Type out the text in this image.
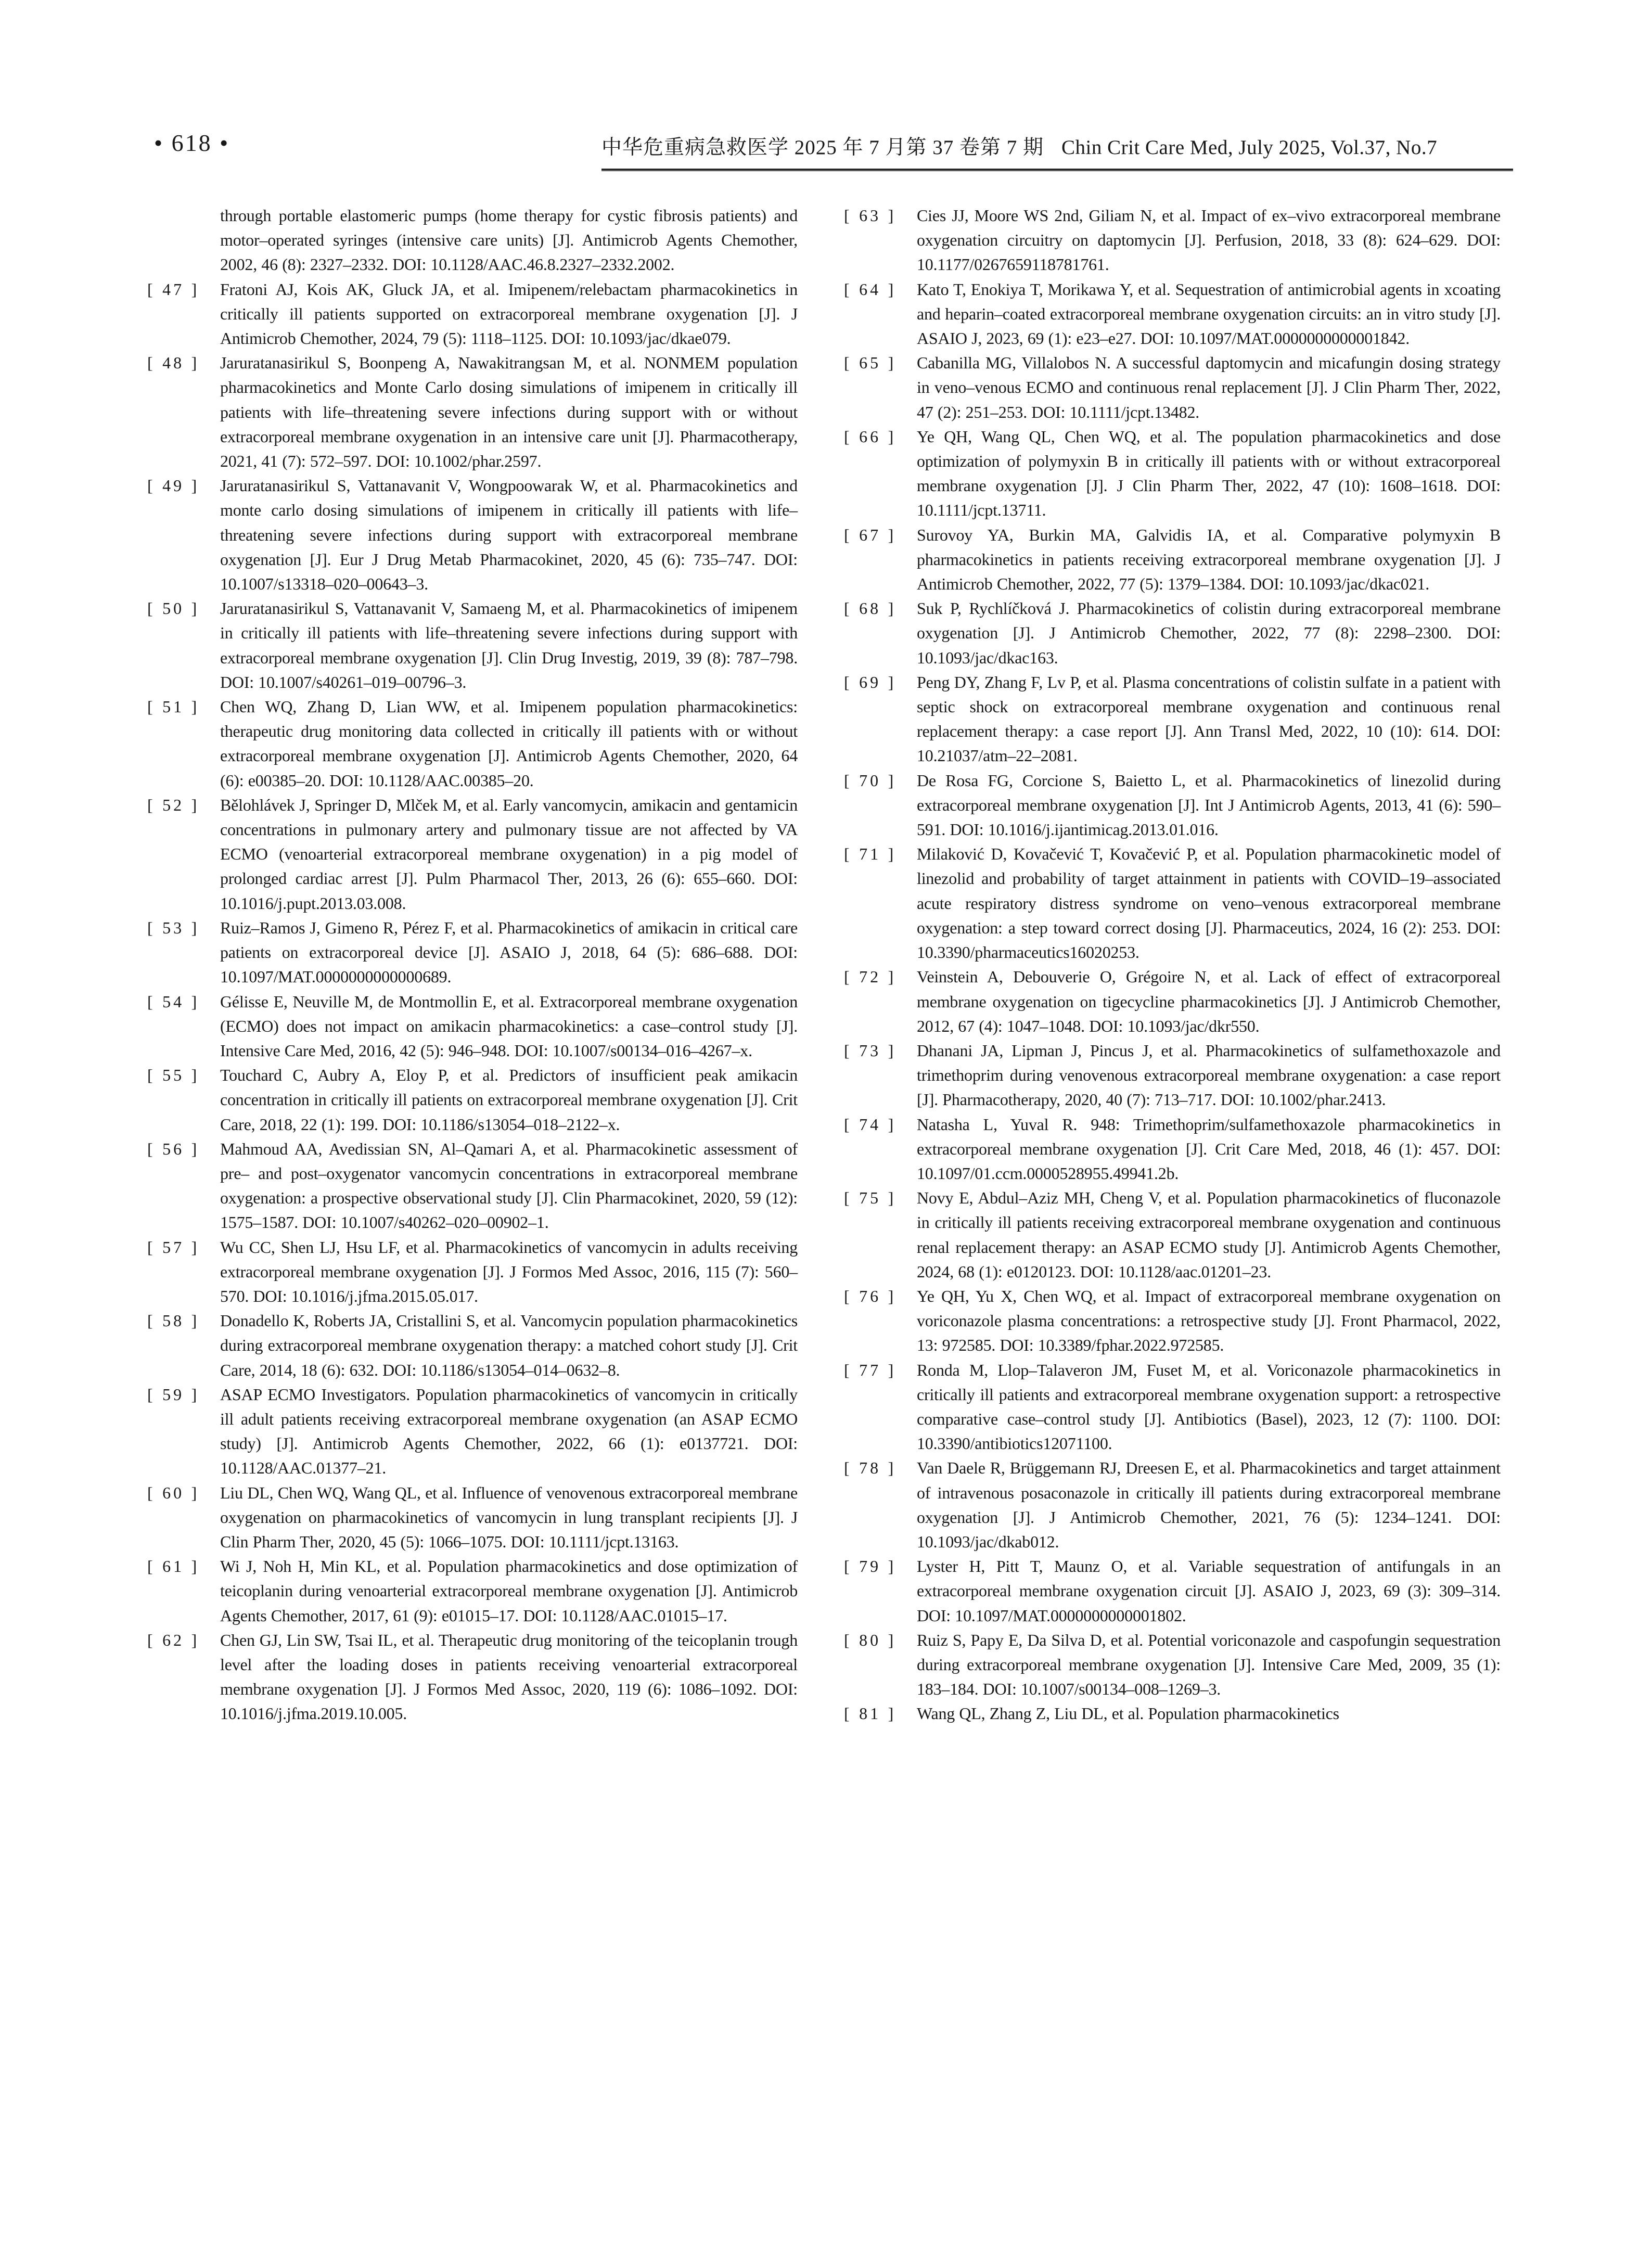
• 618 •	中华危重病急救医学 2025 年 7 月第 37 卷第 7 期 Chin Crit Care Med, July 2025, Vol.37, No.7
through portable elastomeric pumps (home therapy for cystic fibrosis patients) and motor–operated syringes (intensive care units) [J]. Antimicrob Agents Chemother, 2002, 46 (8): 2327–2332. DOI: 10.1128/AAC.46.8.2327–2332.2002.
[ 47 ]	Fratoni AJ, Kois AK, Gluck JA, et al. Imipenem/relebactam pharmacokinetics in critically ill patients supported on extracorporeal membrane oxygenation [J]. J Antimicrob Chemother, 2024, 79 (5): 1118–1125. DOI: 10.1093/jac/dkae079.
[ 48 ]	Jaruratanasirikul S, Boonpeng A, Nawakitrangsan M, et al. NONMEM population pharmacokinetics and Monte Carlo dosing simulations of imipenem in critically ill patients with life–threatening severe infections during support with or without extracorporeal membrane oxygenation in an intensive care unit [J]. Pharmacotherapy, 2021, 41 (7): 572–597. DOI: 10.1002/phar.2597.
[ 49 ]	Jaruratanasirikul S, Vattanavanit V, Wongpoowarak W, et al. Pharmacokinetics and monte carlo dosing simulations of imipenem in critically ill patients with life–threatening severe infections during support with extracorporeal membrane oxygenation [J]. Eur J Drug Metab Pharmacokinet, 2020, 45 (6): 735–747. DOI: 10.1007/s13318–020–00643–3.
[ 50 ]	Jaruratanasirikul S, Vattanavanit V, Samaeng M, et al. Pharmacokinetics of imipenem in critically ill patients with life–threatening severe infections during support with extracorporeal membrane oxygenation [J]. Clin Drug Investig, 2019, 39 (8): 787–798. DOI: 10.1007/s40261–019–00796–3.
[ 51 ]	Chen WQ, Zhang D, Lian WW, et al. Imipenem population pharmacokinetics: therapeutic drug monitoring data collected in critically ill patients with or without extracorporeal membrane oxygenation [J]. Antimicrob Agents Chemother, 2020, 64 (6): e00385–20. DOI: 10.1128/AAC.00385–20.
[ 52 ]	Bělohlávek J, Springer D, Mlček M, et al. Early vancomycin, amikacin and gentamicin concentrations in pulmonary artery and pulmonary tissue are not affected by VA ECMO (venoarterial extracorporeal membrane oxygenation) in a pig model of prolonged cardiac arrest [J]. Pulm Pharmacol Ther, 2013, 26 (6): 655–660. DOI: 10.1016/j.pupt.2013.03.008.
[ 53 ]	Ruiz–Ramos J, Gimeno R, Pérez F, et al. Pharmacokinetics of amikacin in critical care patients on extracorporeal device [J]. ASAIO J, 2018, 64 (5): 686–688. DOI: 10.1097/MAT.0000000000000689.
[ 54 ]	Gélisse E, Neuville M, de Montmollin E, et al. Extracorporeal membrane oxygenation (ECMO) does not impact on amikacin pharmacokinetics: a case–control study [J]. Intensive Care Med, 2016, 42 (5): 946–948. DOI: 10.1007/s00134–016–4267–x.
[ 55 ]	Touchard C, Aubry A, Eloy P, et al. Predictors of insufficient peak amikacin concentration in critically ill patients on extracorporeal membrane oxygenation [J]. Crit Care, 2018, 22 (1): 199. DOI: 10.1186/s13054–018–2122–x.
[ 56 ]	Mahmoud AA, Avedissian SN, Al–Qamari A, et al. Pharmacokinetic assessment of pre– and post–oxygenator vancomycin concentrations in extracorporeal membrane oxygenation: a prospective observational study [J]. Clin Pharmacokinet, 2020, 59 (12): 1575–1587. DOI: 10.1007/s40262–020–00902–1.
[ 57 ]	Wu CC, Shen LJ, Hsu LF, et al. Pharmacokinetics of vancomycin in adults receiving extracorporeal membrane oxygenation [J]. J Formos Med Assoc, 2016, 115 (7): 560–570. DOI: 10.1016/j.jfma.2015.05.017.
[ 58 ]	Donadello K, Roberts JA, Cristallini S, et al. Vancomycin population pharmacokinetics during extracorporeal membrane oxygenation therapy: a matched cohort study [J]. Crit Care, 2014, 18 (6): 632. DOI: 10.1186/s13054–014–0632–8.
[ 59 ]	ASAP ECMO Investigators. Population pharmacokinetics of vancomycin in critically ill adult patients receiving extracorporeal membrane oxygenation (an ASAP ECMO study) [J]. Antimicrob Agents Chemother, 2022, 66 (1): e0137721. DOI: 10.1128/AAC.01377–21.
[ 60 ]	Liu DL, Chen WQ, Wang QL, et al. Influence of venovenous extracorporeal membrane oxygenation on pharmacokinetics of vancomycin in lung transplant recipients [J]. J Clin Pharm Ther, 2020, 45 (5): 1066–1075. DOI: 10.1111/jcpt.13163.
[ 61 ]	Wi J, Noh H, Min KL, et al. Population pharmacokinetics and dose optimization of teicoplanin during venoarterial extracorporeal membrane oxygenation [J]. Antimicrob Agents Chemother, 2017, 61 (9): e01015–17. DOI: 10.1128/AAC.01015–17.
[ 62 ]	Chen GJ, Lin SW, Tsai IL, et al. Therapeutic drug monitoring of the teicoplanin trough level after the loading doses in patients receiving venoarterial extracorporeal membrane oxygenation [J]. J Formos Med Assoc, 2020, 119 (6): 1086–1092. DOI: 10.1016/j.jfma.2019.10.005.
[ 63 ]	Cies JJ, Moore WS 2nd, Giliam N, et al. Impact of ex–vivo extracorporeal membrane oxygenation circuitry on daptomycin [J]. Perfusion, 2018, 33 (8): 624–629. DOI: 10.1177/0267659118781761.
[ 64 ]	Kato T, Enokiya T, Morikawa Y, et al. Sequestration of antimicrobial agents in xcoating and heparin–coated extracorporeal membrane oxygenation circuits: an in vitro study [J]. ASAIO J, 2023, 69 (1): e23–e27. DOI: 10.1097/MAT.0000000000001842.
[ 65 ]	Cabanilla MG, Villalobos N. A successful daptomycin and micafungin dosing strategy in veno–venous ECMO and continuous renal replacement [J]. J Clin Pharm Ther, 2022, 47 (2): 251–253. DOI: 10.1111/jcpt.13482.
[ 66 ]	Ye QH, Wang QL, Chen WQ, et al. The population pharmacokinetics and dose optimization of polymyxin B in critically ill patients with or without extracorporeal membrane oxygenation [J]. J Clin Pharm Ther, 2022, 47 (10): 1608–1618. DOI: 10.1111/jcpt.13711.
[ 67 ]	Surovoy YA, Burkin MA, Galvidis IA, et al. Comparative polymyxin B pharmacokinetics in patients receiving extracorporeal membrane oxygenation [J]. J Antimicrob Chemother, 2022, 77 (5): 1379–1384. DOI: 10.1093/jac/dkac021.
[ 68 ]	Suk P, Rychlíčková J. Pharmacokinetics of colistin during extracorporeal membrane oxygenation [J]. J Antimicrob Chemother, 2022, 77 (8): 2298–2300. DOI: 10.1093/jac/dkac163.
[ 69 ]	Peng DY, Zhang F, Lv P, et al. Plasma concentrations of colistin sulfate in a patient with septic shock on extracorporeal membrane oxygenation and continuous renal replacement therapy: a case report [J]. Ann Transl Med, 2022, 10 (10): 614. DOI: 10.21037/atm–22–2081.
[ 70 ]	De Rosa FG, Corcione S, Baietto L, et al. Pharmacokinetics of linezolid during extracorporeal membrane oxygenation [J]. Int J Antimicrob Agents, 2013, 41 (6): 590–591. DOI: 10.1016/j.ijantimicag.2013.01.016.
[ 71 ]	Milaković D, Kovačević T, Kovačević P, et al. Population pharmacokinetic model of linezolid and probability of target attainment in patients with COVID–19–associated acute respiratory distress syndrome on veno–venous extracorporeal membrane oxygenation: a step toward correct dosing [J]. Pharmaceutics, 2024, 16 (2): 253. DOI: 10.3390/pharmaceutics16020253.
[ 72 ]	Veinstein A, Debouverie O, Grégoire N, et al. Lack of effect of extracorporeal membrane oxygenation on tigecycline pharmacokinetics [J]. J Antimicrob Chemother, 2012, 67 (4): 1047–1048. DOI: 10.1093/jac/dkr550.
[ 73 ]	Dhanani JA, Lipman J, Pincus J, et al. Pharmacokinetics of sulfamethoxazole and trimethoprim during venovenous extracorporeal membrane oxygenation: a case report [J]. Pharmacotherapy, 2020, 40 (7): 713–717. DOI: 10.1002/phar.2413.
[ 74 ]	Natasha L, Yuval R. 948: Trimethoprim/sulfamethoxazole pharmacokinetics in extracorporeal membrane oxygenation [J]. Crit Care Med, 2018, 46 (1): 457. DOI: 10.1097/01.ccm.0000528955.49941.2b.
[ 75 ]	Novy E, Abdul–Aziz MH, Cheng V, et al. Population pharmacokinetics of fluconazole in critically ill patients receiving extracorporeal membrane oxygenation and continuous renal replacement therapy: an ASAP ECMO study [J]. Antimicrob Agents Chemother, 2024, 68 (1): e0120123. DOI: 10.1128/aac.01201–23.
[ 76 ]	Ye QH, Yu X, Chen WQ, et al. Impact of extracorporeal membrane oxygenation on voriconazole plasma concentrations: a retrospective study [J]. Front Pharmacol, 2022, 13: 972585. DOI: 10.3389/fphar.2022.972585.
[ 77 ]	Ronda M, Llop–Talaveron JM, Fuset M, et al. Voriconazole pharmacokinetics in critically ill patients and extracorporeal membrane oxygenation support: a retrospective comparative case–control study [J]. Antibiotics (Basel), 2023, 12 (7): 1100. DOI: 10.3390/antibiotics12071100.
[ 78 ]	Van Daele R, Brüggemann RJ, Dreesen E, et al. Pharmacokinetics and target attainment of intravenous posaconazole in critically ill patients during extracorporeal membrane oxygenation [J]. J Antimicrob Chemother, 2021, 76 (5): 1234–1241. DOI: 10.1093/jac/dkab012.
[ 79 ]	Lyster H, Pitt T, Maunz O, et al. Variable sequestration of antifungals in an extracorporeal membrane oxygenation circuit [J]. ASAIO J, 2023, 69 (3): 309–314. DOI: 10.1097/MAT.0000000000001802.
[ 80 ]	Ruiz S, Papy E, Da Silva D, et al. Potential voriconazole and caspofungin sequestration during extracorporeal membrane oxygenation [J]. Intensive Care Med, 2009, 35 (1): 183–184. DOI: 10.1007/s00134–008–1269–3.
[ 81 ]	Wang QL, Zhang Z, Liu DL, et al. Population pharmacokinetics
